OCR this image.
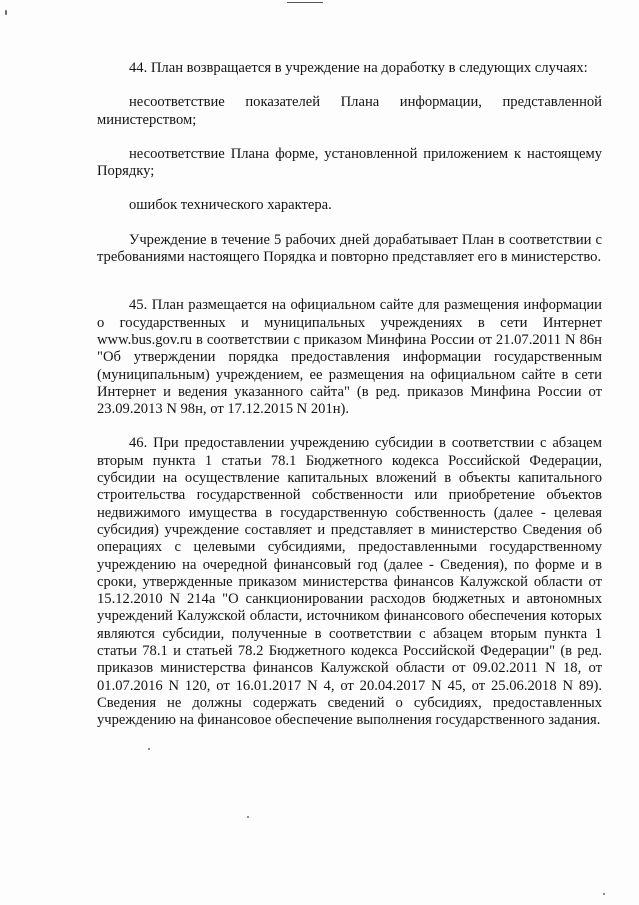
44. План возвращается в учреждение на доработку в следующих случаях:

несоответствие показателей Плана информации, представленной министерством;

несоответствие Плана форме, установленной приложением к настоящему Порядку;

ошибок технического характера.

Учреждение в течение 5 рабочих дней дорабатывает План в соответствии с требованиями настоящего Порядка и повторно представляет его в министерство.

45. План размещается на официальном сайте для размещения информации о государственных и муниципальных учреждениях в сети Интернет www.bus.gov.ru в соответствии с приказом Минфина России от 21.07.2011 N 86н "Об утверждении порядка предоставления информации государственным (муниципальным) учреждением, ее размещения на официальном сайте в сети Интернет и ведения указанного сайта" (в ред. приказов Минфина России от 23.09.2013 N 98н, от 17.12.2015 N 201н).

46. При предоставлении учреждению субсидии в соответствии с абзацем вторым пункта 1 статьи 78.1 Бюджетного кодекса Российской Федерации, субсидии на осуществление капитальных вложений в объекты капитального строительства государственной собственности или приобретение объектов недвижимого имущества в государственную собственность (далее - целевая субсидия) учреждение составляет и представляет в министерство Сведения об операциях с целевыми субсидиями, предоставленными государственному учреждению на очередной финансовый год (далее - Сведения), по форме и в сроки, утвержденные приказом министерства финансов Калужской области от 15.12.2010 N 214а "О санкционировании расходов бюджетных и автономных учреждений Калужской области, источником финансового обеспечения которых являются субсидии, полученные в соответствии с абзацем вторым пункта 1 статьи 78.1 и статьей 78.2 Бюджетного кодекса Российской Федерации" (в ред. приказов министерства финансов Калужской области от 09.02.2011 N 18, от 01.07.2016 N 120, от 16.01.2017 N 4, от 20.04.2017 N 45, от 25.06.2018 N 89). Сведения не должны содержать сведений о субсидиях, предоставленных учреждению на финансовое обеспечение выполнения государственного задания.
